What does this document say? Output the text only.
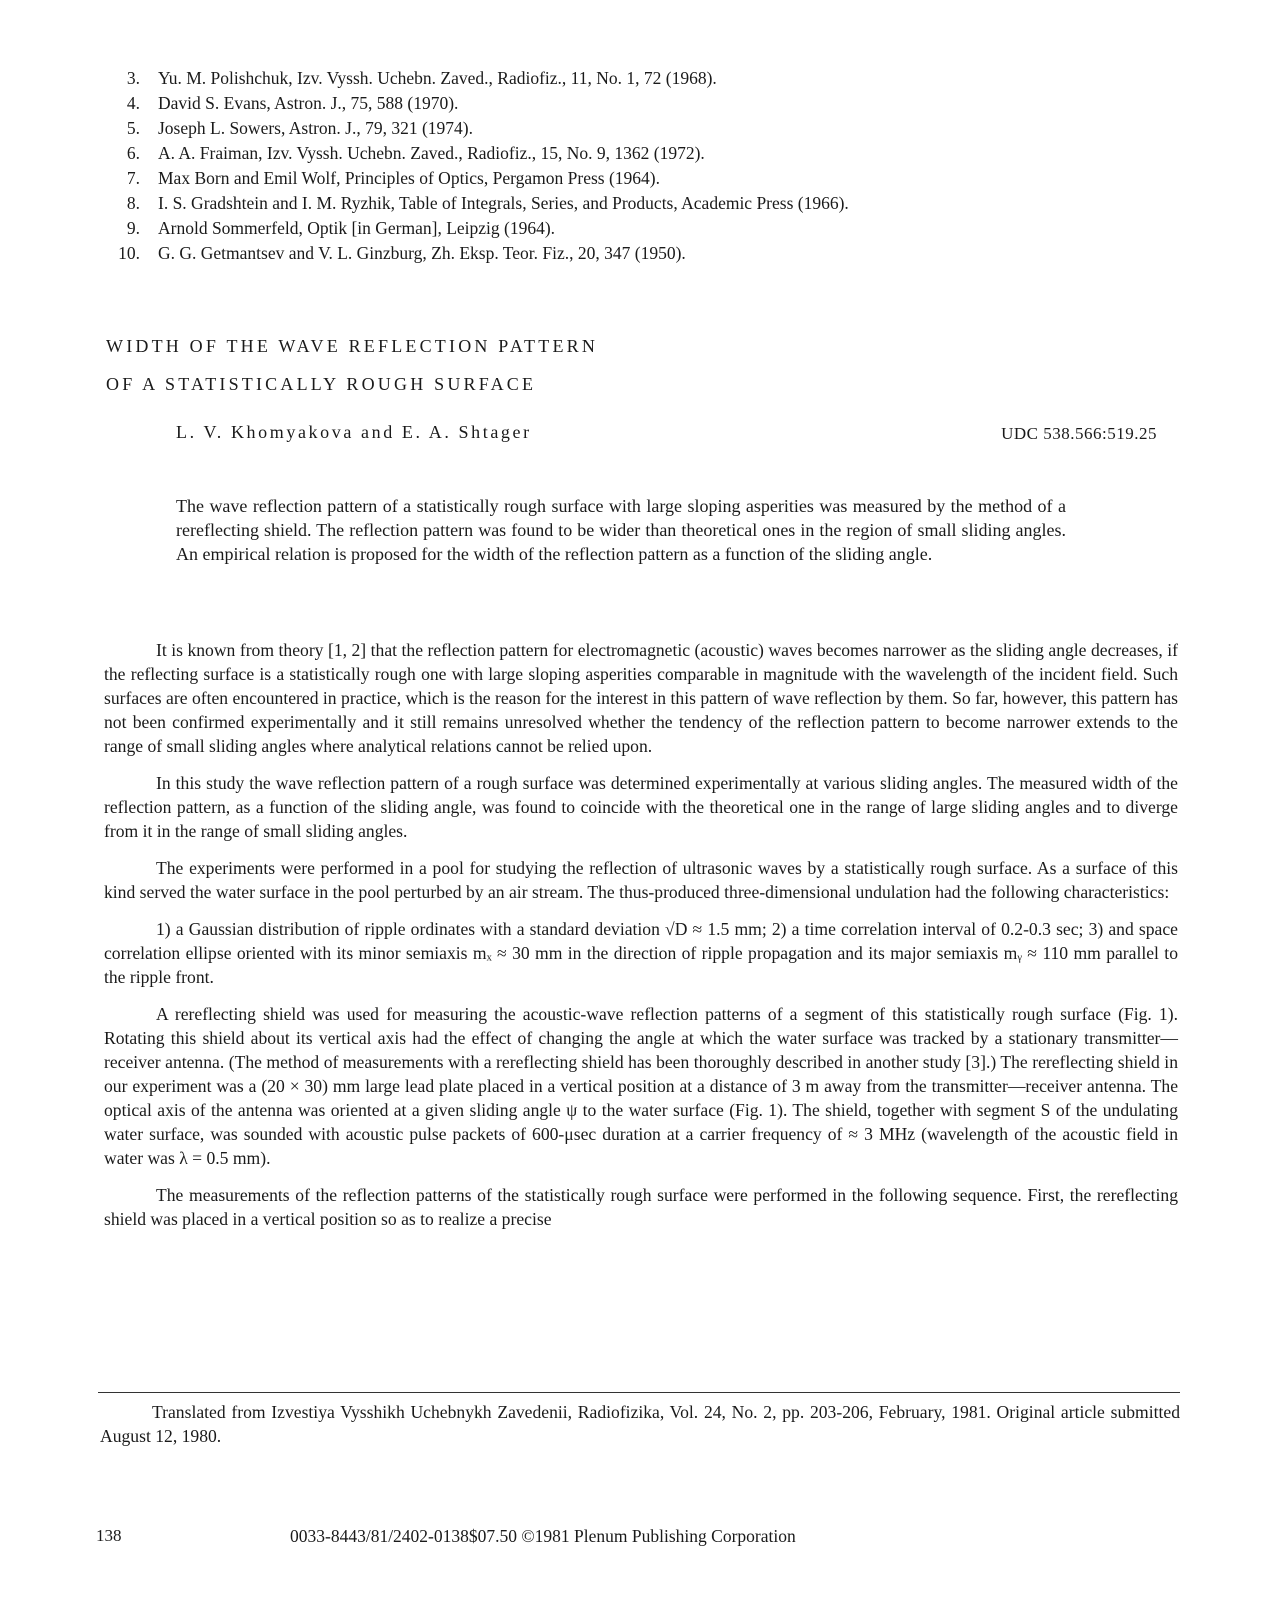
3.	Yu. M. Polishchuk, Izv. Vyssh. Uchebn. Zaved., Radiofiz., 11, No. 1, 72 (1968).
4.	David S. Evans, Astron. J., 75, 588 (1970).
5.	Joseph L. Sowers, Astron. J., 79, 321 (1974).
6.	A. A. Fraiman, Izv. Vyssh. Uchebn. Zaved., Radiofiz., 15, No. 9, 1362 (1972).
7.	Max Born and Emil Wolf, Principles of Optics, Pergamon Press (1964).
8.	I. S. Gradshtein and I. M. Ryzhik, Table of Integrals, Series, and Products, Academic Press (1966).
9.	Arnold Sommerfeld, Optik [in German], Leipzig (1964).
10.	G. G. Getmantsev and V. L. Ginzburg, Zh. Eksp. Teor. Fiz., 20, 347 (1950).
WIDTH OF THE WAVE REFLECTION PATTERN
OF A STATISTICALLY ROUGH SURFACE
L. V. Khomyakova and E. A. Shtager	UDC 538.566:519.25
The wave reflection pattern of a statistically rough surface with large sloping asperities was measured by the method of a rereflecting shield. The reflection pattern was found to be wider than theoretical ones in the region of small sliding angles. An empirical relation is proposed for the width of the reflection pattern as a function of the sliding angle.

It is known from theory [1, 2] that the reflection pattern for electromagnetic (acoustic) waves becomes narrower as the sliding angle decreases, if the reflecting surface is a statistically rough one with large sloping asperities comparable in magnitude with the wavelength of the incident field. Such surfaces are often encountered in practice, which is the reason for the interest in this pattern of wave reflection by them. So far, however, this pattern has not been confirmed experimentally and it still remains unresolved whether the tendency of the reflection pattern to become narrower extends to the range of small sliding angles where analytical relations cannot be relied upon.

In this study the wave reflection pattern of a rough surface was determined experimentally at various sliding angles. The measured width of the reflection pattern, as a function of the sliding angle, was found to coincide with the theoretical one in the range of large sliding angles and to diverge from it in the range of small sliding angles.

The experiments were performed in a pool for studying the reflection of ultrasonic waves by a statistically rough surface. As a surface of this kind served the water surface in the pool perturbed by an air stream. The thus-produced three-dimensional undulation had the following characteristics:

1) a Gaussian distribution of ripple ordinates with a standard deviation √D ≈ 1.5 mm; 2) a time correlation interval of 0.2-0.3 sec; 3) and space correlation ellipse oriented with its minor semiaxis mₓ ≈ 30 mm in the direction of ripple propagation and its major semiaxis mᵧ ≈ 110 mm parallel to the ripple front.

A rereflecting shield was used for measuring the acoustic-wave reflection patterns of a segment of this statistically rough surface (Fig. 1). Rotating this shield about its vertical axis had the effect of changing the angle at which the water surface was tracked by a stationary transmitter—receiver antenna. (The method of measurements with a rereflecting shield has been thoroughly described in another study [3].) The rereflecting shield in our experiment was a (20 × 30) mm large lead plate placed in a vertical position at a distance of 3 m away from the transmitter—receiver antenna. The optical axis of the antenna was oriented at a given sliding angle ψ to the water surface (Fig. 1). The shield, together with segment S of the undulating water surface, was sounded with acoustic pulse packets of 600-μsec duration at a carrier frequency of ≈ 3 MHz (wavelength of the acoustic field in water was λ = 0.5 mm).

The measurements of the reflection patterns of the statistically rough surface were performed in the following sequence. First, the rereflecting shield was placed in a vertical position so as to realize a precise

Translated from Izvestiya Vysshikh Uchebnykh Zavedenii, Radiofizika, Vol. 24, No. 2, pp. 203-206, February, 1981. Original article submitted August 12, 1980.
138	0033-8443/81/2402-0138$07.50 ©1981 Plenum Publishing Corporation
